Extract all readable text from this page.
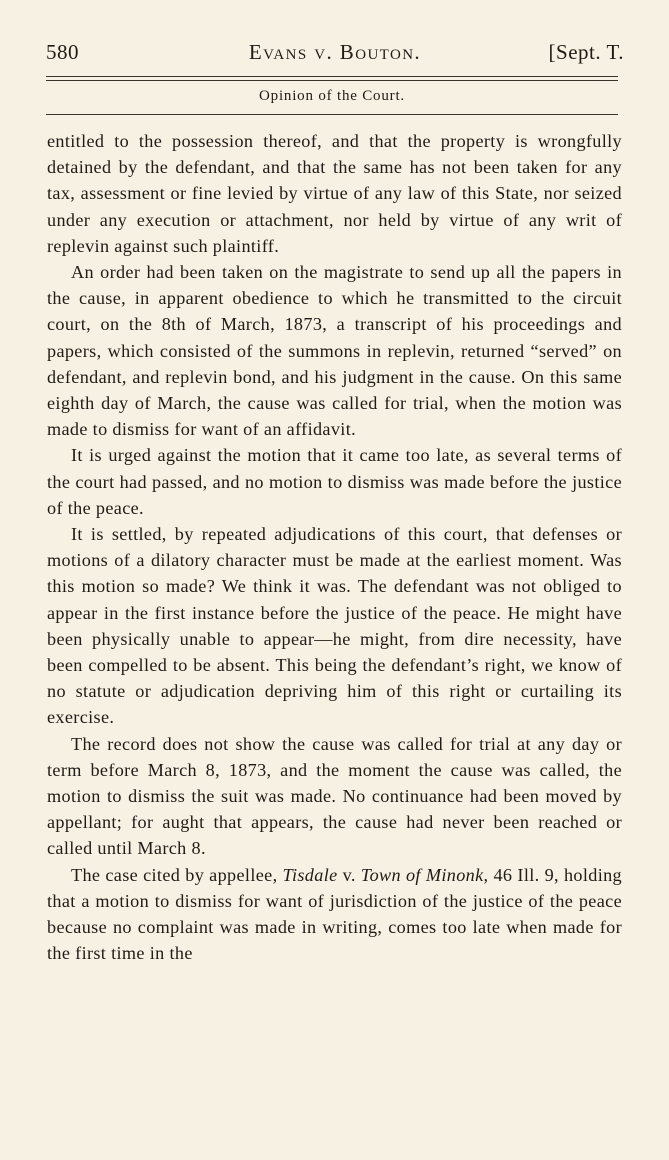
580	Evans v. Bouton.	[Sept. T.
Opinion of the Court.

entitled to the possession thereof, and that the property is wrongfully detained by the defendant, and that the same has not been taken for any tax, assessment or fine levied by virtue of any law of this State, nor seized under any execution or attachment, nor held by virtue of any writ of replevin against such plaintiff.

An order had been taken on the magistrate to send up all the papers in the cause, in apparent obedience to which he transmitted to the circuit court, on the 8th of March, 1873, a transcript of his proceedings and papers, which consisted of the summons in replevin, returned “served” on defendant, and replevin bond, and his judgment in the cause. On this same eighth day of March, the cause was called for trial, when the motion was made to dismiss for want of an affidavit.

It is urged against the motion that it came too late, as several terms of the court had passed, and no motion to dismiss was made before the justice of the peace.

It is settled, by repeated adjudications of this court, that defenses or motions of a dilatory character must be made at the earliest moment. Was this motion so made? We think it was. The defendant was not obliged to appear in the first instance before the justice of the peace. He might have been physically unable to appear—he might, from dire necessity, have been compelled to be absent. This being the defendant’s right, we know of no statute or adjudication depriving him of this right or curtailing its exercise.

The record does not show the cause was called for trial at any day or term before March 8, 1873, and the moment the cause was called, the motion to dismiss the suit was made. No continuance had been moved by appellant; for aught that appears, the cause had never been reached or called until March 8.

The case cited by appellee, Tisdale v. Town of Minonk, 46 Ill. 9, holding that a motion to dismiss for want of jurisdiction of the justice of the peace because no complaint was made in writing, comes too late when made for the first time in the
